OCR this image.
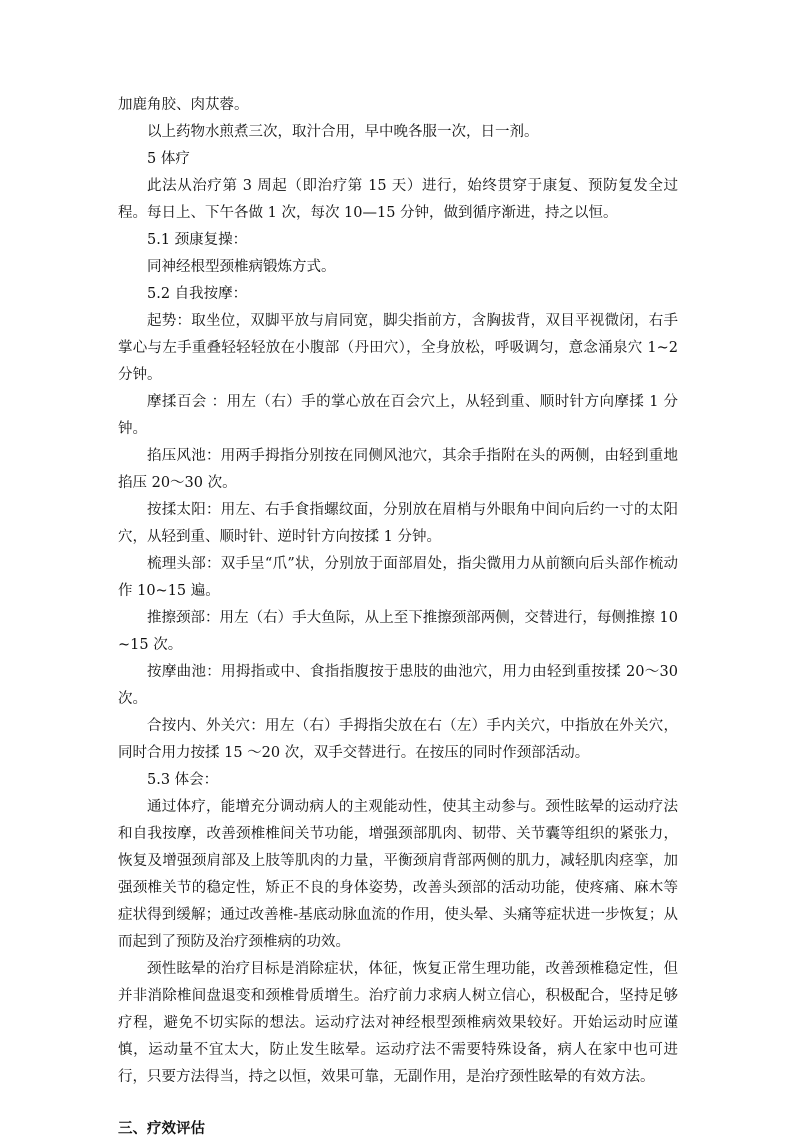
加鹿角胶、肉苁蓉。

以上药物水煎煮三次，取汁合用，早中晚各服一次，日一剂。

5 体疗

此法从治疗第 3 周起（即治疗第 15 天）进行，始终贯穿于康复、预防复发全过程。每日上、下午各做 1 次，每次 10—15 分钟，做到循序渐进，持之以恒。

5.1 颈康复操：

同神经根型颈椎病锻炼方式。

5.2 自我按摩：

起势：取坐位，双脚平放与肩同宽，脚尖指前方，含胸拔背，双目平视微闭，右手掌心与左手重叠轻轻轻放在小腹部（丹田穴），全身放松，呼吸调匀，意念涌泉穴 1~2 分钟。

摩揉百会 ：用左（右）手的掌心放在百会穴上，从轻到重、顺时针方向摩揉 1 分钟。

掐压风池：用两手拇指分别按在同侧风池穴，其余手指附在头的两侧，由轻到重地掐压 20～30 次。

按揉太阳：用左、右手食指螺纹面，分别放在眉梢与外眼角中间向后约一寸的太阳穴，从轻到重、顺时针、逆时针方向按揉 1 分钟。

梳理头部：双手呈“爪”状，分别放于面部眉处，指尖微用力从前额向后头部作梳动作 10~15 遍。

推擦颈部：用左（右）手大鱼际，从上至下推擦颈部两侧，交替进行，每侧推擦 10~15 次。

按摩曲池：用拇指或中、食指指腹按于患肢的曲池穴，用力由轻到重按揉 20～30 次。

合按内、外关穴：用左（右）手拇指尖放在右（左）手内关穴，中指放在外关穴，同时合用力按揉 15 ～20 次，双手交替进行。在按压的同时作颈部活动。

5.3 体会：

通过体疗，能增充分调动病人的主观能动性，使其主动参与。颈性眩晕的运动疗法和自我按摩，改善颈椎椎间关节功能，增强颈部肌肉、韧带、关节囊等组织的紧张力，恢复及增强颈肩部及上肢等肌肉的力量，平衡颈肩背部两侧的肌力，减轻肌肉痉挛，加强颈椎关节的稳定性，矫正不良的身体姿势，改善头颈部的活动功能，使疼痛、麻木等症状得到缓解；通过改善椎-基底动脉血流的作用，使头晕、头痛等症状进一步恢复；从而起到了预防及治疗颈椎病的功效。

颈性眩晕的治疗目标是消除症状，体征，恢复正常生理功能，改善颈椎稳定性，但并非消除椎间盘退变和颈椎骨质增生。治疗前力求病人树立信心，积极配合，坚持足够疗程，避免不切实际的想法。运动疗法对神经根型颈椎病效果较好。开始运动时应谨慎，运动量不宜太大，防止发生眩晕。运动疗法不需要特殊设备，病人在家中也可进行，只要方法得当，持之以恒，效果可靠，无副作用，是治疗颈性眩晕的有效方法。

三、疗效评估
